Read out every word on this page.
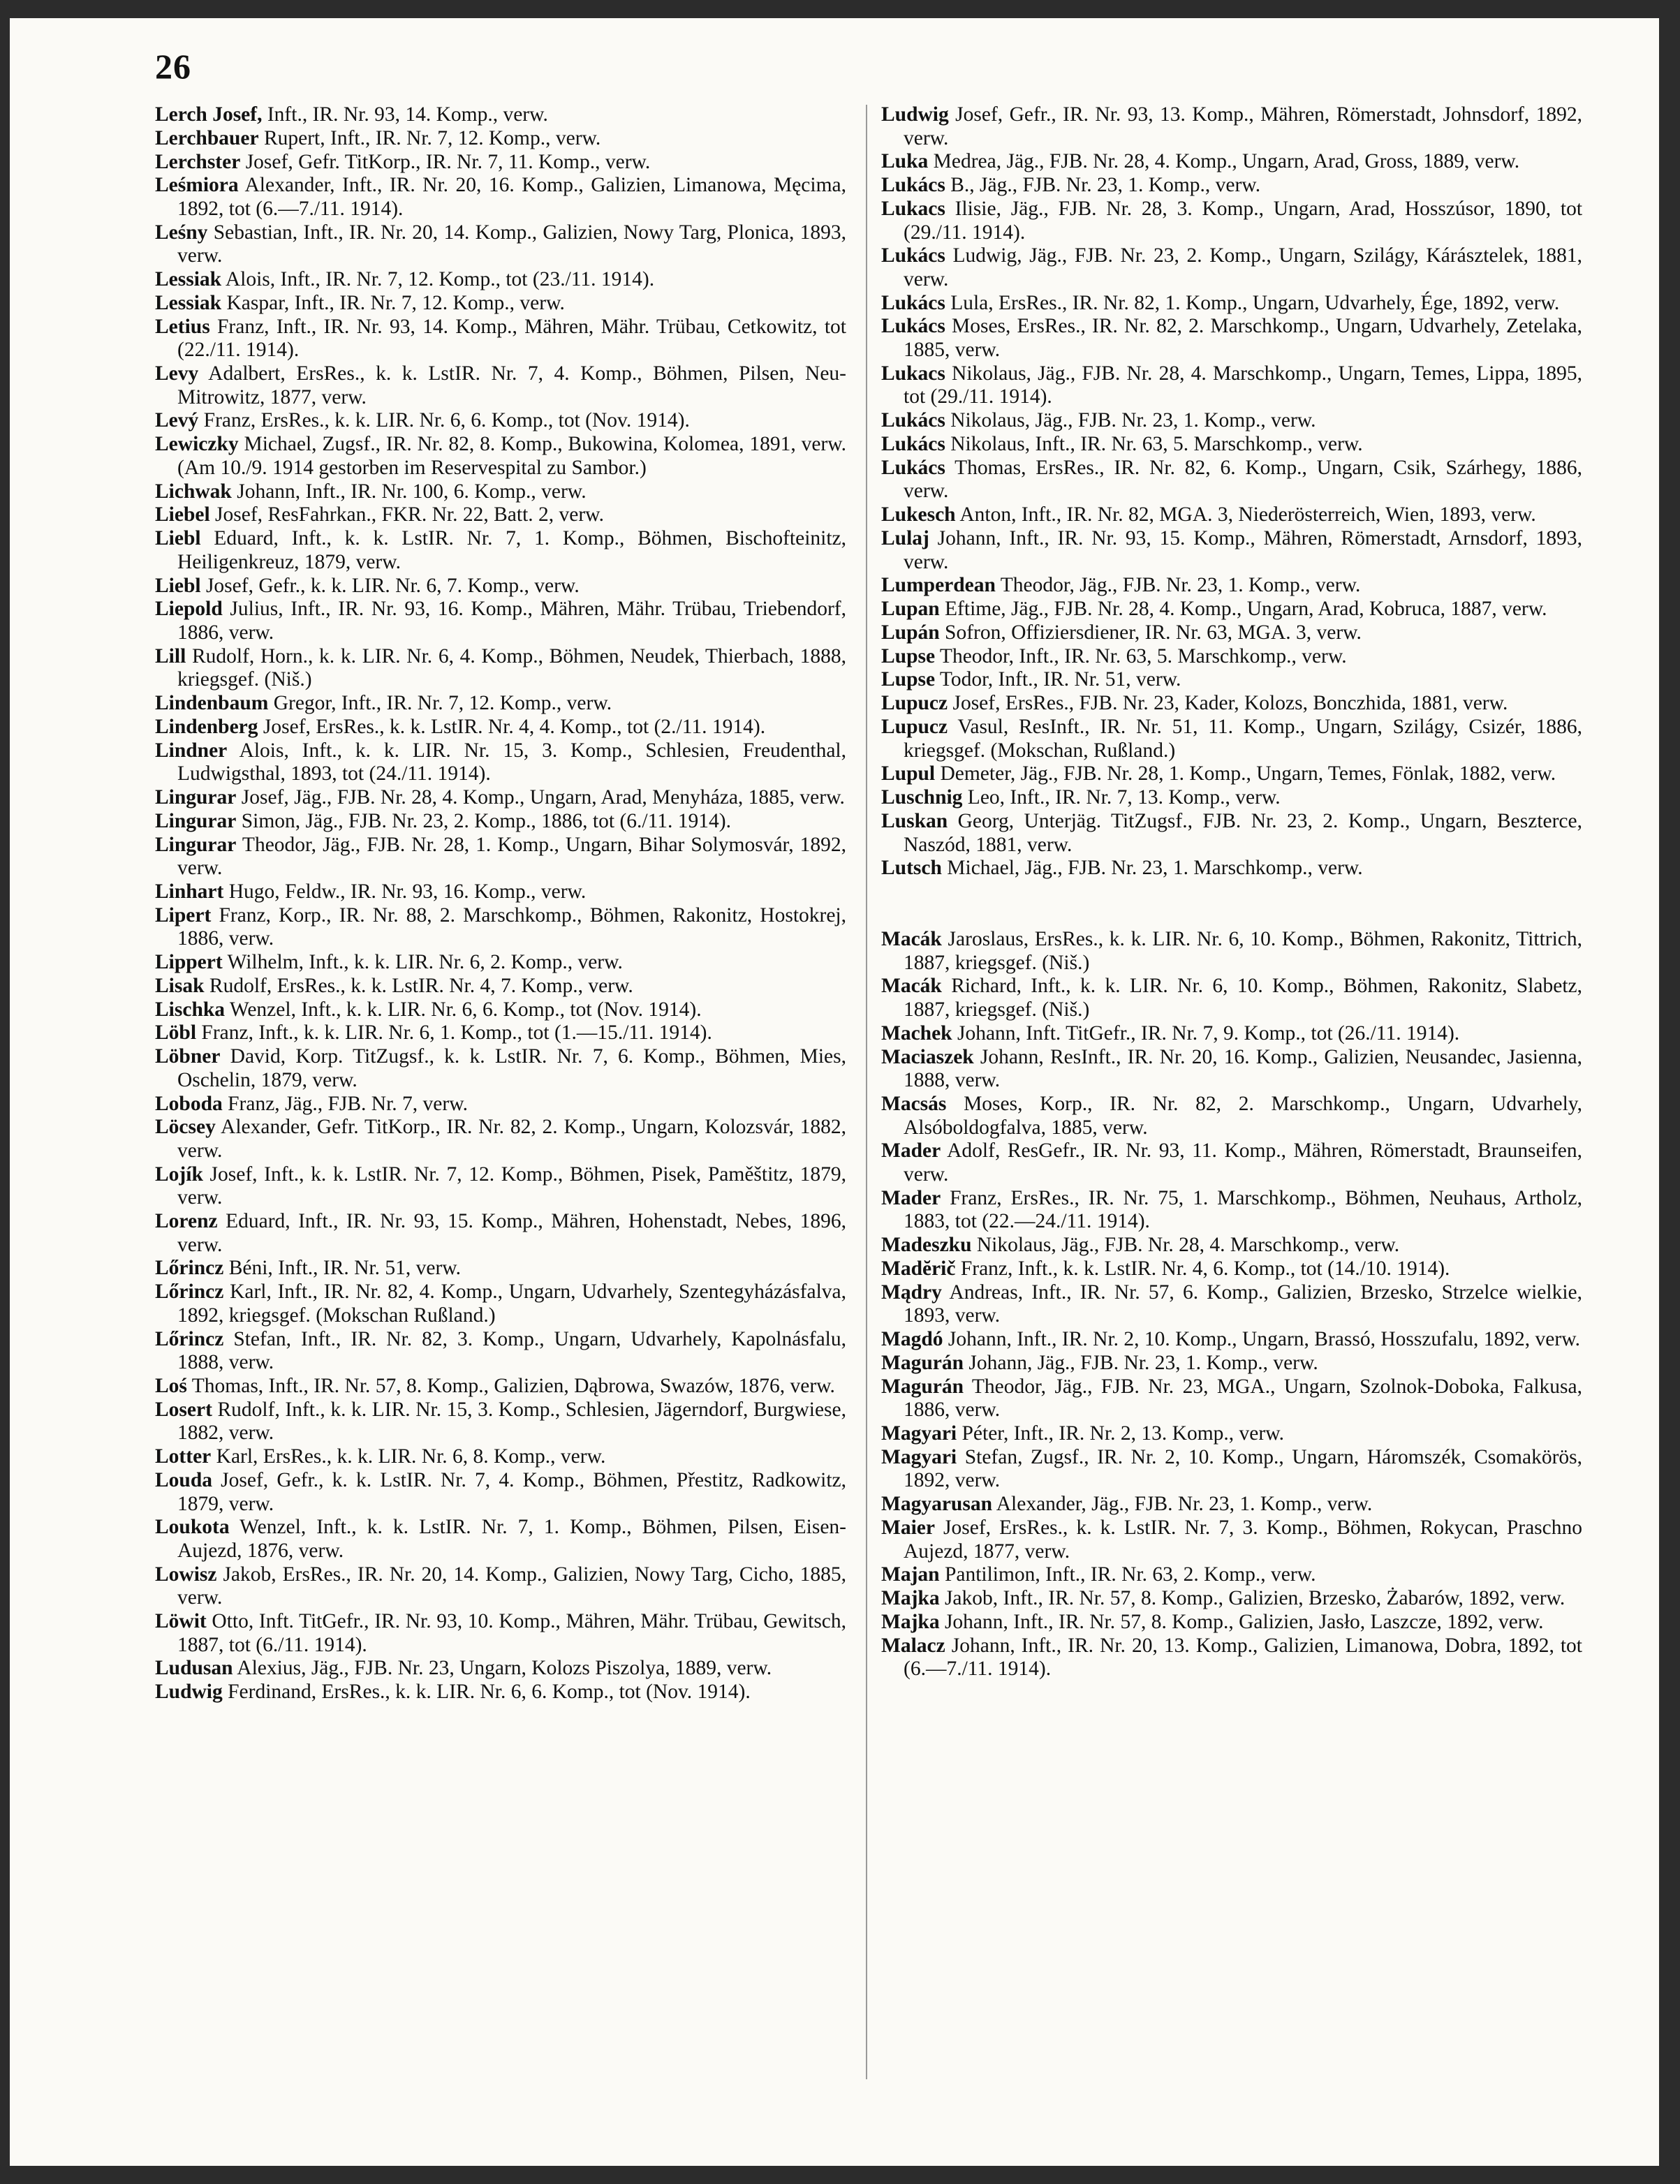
26

Lerch Josef, Inft., IR. Nr. 93, 14. Komp., verw.

Lerchbauer Rupert, Inft., IR. Nr. 7, 12. Komp., verw.

Lerchster Josef, Gefr. TitKorp., IR. Nr. 7, 11. Komp., verw.

Leśmiora Alexander, Inft., IR. Nr. 20, 16. Komp., Galizien, Limanowa, Męcima, 1892, tot (6.—7./11. 1914).

Leśny Sebastian, Inft., IR. Nr. 20, 14. Komp., Galizien, Nowy Targ, Plonica, 1893, verw.

Lessiak Alois, Inft., IR. Nr. 7, 12. Komp., tot (23./11. 1914).

Lessiak Kaspar, Inft., IR. Nr. 7, 12. Komp., verw.

Letius Franz, Inft., IR. Nr. 93, 14. Komp., Mähren, Mähr. Trübau, Cetkowitz, tot (22./11. 1914).

Levy Adalbert, ErsRes., k. k. LstIR. Nr. 7, 4. Komp., Böhmen, Pilsen, Neu-Mitrowitz, 1877, verw.

Levý Franz, ErsRes., k. k. LIR. Nr. 6, 6. Komp., tot (Nov. 1914).

Lewiczky Michael, Zugsf., IR. Nr. 82, 8. Komp., Bukowina, Kolomea, 1891, verw. (Am 10./9. 1914 gestorben im Reservespital zu Sambor.)

Lichwak Johann, Inft., IR. Nr. 100, 6. Komp., verw.

Liebel Josef, ResFahrkan., FKR. Nr. 22, Batt. 2, verw.

Liebl Eduard, Inft., k. k. LstIR. Nr. 7, 1. Komp., Böhmen, Bischofteinitz, Heiligenkreuz, 1879, verw.

Liebl Josef, Gefr., k. k. LIR. Nr. 6, 7. Komp., verw.

Liepold Julius, Inft., IR. Nr. 93, 16. Komp., Mähren, Mähr. Trübau, Triebendorf, 1886, verw.

Lill Rudolf, Horn., k. k. LIR. Nr. 6, 4. Komp., Böhmen, Neudek, Thierbach, 1888, kriegsgef. (Niš.)

Lindenbaum Gregor, Inft., IR. Nr. 7, 12. Komp., verw.

Lindenberg Josef, ErsRes., k. k. LstIR. Nr. 4, 4. Komp., tot (2./11. 1914).

Lindner Alois, Inft., k. k. LIR. Nr. 15, 3. Komp., Schlesien, Freudenthal, Ludwigsthal, 1893, tot (24./11. 1914).

Lingurar Josef, Jäg., FJB. Nr. 28, 4. Komp., Ungarn, Arad, Menyháza, 1885, verw.

Lingurar Simon, Jäg., FJB. Nr. 23, 2. Komp., 1886, tot (6./11. 1914).

Lingurar Theodor, Jäg., FJB. Nr. 28, 1. Komp., Ungarn, Bihar Solymosvár, 1892, verw.

Linhart Hugo, Feldw., IR. Nr. 93, 16. Komp., verw.

Lipert Franz, Korp., IR. Nr. 88, 2. Marschkomp., Böhmen, Rakonitz, Hostokrej, 1886, verw.

Lippert Wilhelm, Inft., k. k. LIR. Nr. 6, 2. Komp., verw.

Lisak Rudolf, ErsRes., k. k. LstIR. Nr. 4, 7. Komp., verw.

Lischka Wenzel, Inft., k. k. LIR. Nr. 6, 6. Komp., tot (Nov. 1914).

Löbl Franz, Inft., k. k. LIR. Nr. 6, 1. Komp., tot (1.—15./11. 1914).

Löbner David, Korp. TitZugsf., k. k. LstIR. Nr. 7, 6. Komp., Böhmen, Mies, Oschelin, 1879, verw.

Loboda Franz, Jäg., FJB. Nr. 7, verw.

Löcsey Alexander, Gefr. TitKorp., IR. Nr. 82, 2. Komp., Ungarn, Kolozsvár, 1882, verw.

Lojík Josef, Inft., k. k. LstIR. Nr. 7, 12. Komp., Böhmen, Pisek, Paměštitz, 1879, verw.

Lorenz Eduard, Inft., IR. Nr. 93, 15. Komp., Mähren, Hohenstadt, Nebes, 1896, verw.

Lőrincz Béni, Inft., IR. Nr. 51, verw.

Lőrincz Karl, Inft., IR. Nr. 82, 4. Komp., Ungarn, Udvarhely, Szentegyházásfalva, 1892, kriegsgef. (Mokschan Rußland.)

Lőrincz Stefan, Inft., IR. Nr. 82, 3. Komp., Ungarn, Udvarhely, Kapolnásfalu, 1888, verw.

Loś Thomas, Inft., IR. Nr. 57, 8. Komp., Galizien, Dąbrowa, Swazów, 1876, verw.

Losert Rudolf, Inft., k. k. LIR. Nr. 15, 3. Komp., Schlesien, Jägerndorf, Burgwiese, 1882, verw.

Lotter Karl, ErsRes., k. k. LIR. Nr. 6, 8. Komp., verw.

Louda Josef, Gefr., k. k. LstIR. Nr. 7, 4. Komp., Böhmen, Přestitz, Radkowitz, 1879, verw.

Loukota Wenzel, Inft., k. k. LstIR. Nr. 7, 1. Komp., Böhmen, Pilsen, Eisen-Aujezd, 1876, verw.

Lowisz Jakob, ErsRes., IR. Nr. 20, 14. Komp., Galizien, Nowy Targ, Cicho, 1885, verw.

Löwit Otto, Inft. TitGefr., IR. Nr. 93, 10. Komp., Mähren, Mähr. Trübau, Gewitsch, 1887, tot (6./11. 1914).

Ludusan Alexius, Jäg., FJB. Nr. 23, Ungarn, Kolozs Piszolya, 1889, verw.

Ludwig Ferdinand, ErsRes., k. k. LIR. Nr. 6, 6. Komp., tot (Nov. 1914).

Ludwig Josef, Gefr., IR. Nr. 93, 13. Komp., Mähren, Römerstadt, Johnsdorf, 1892, verw.

Luka Medrea, Jäg., FJB. Nr. 28, 4. Komp., Ungarn, Arad, Gross, 1889, verw.

Lukács B., Jäg., FJB. Nr. 23, 1. Komp., verw.

Lukacs Ilisie, Jäg., FJB. Nr. 28, 3. Komp., Ungarn, Arad, Hosszúsor, 1890, tot (29./11. 1914).

Lukács Ludwig, Jäg., FJB. Nr. 23, 2. Komp., Ungarn, Szilágy, Kárásztelek, 1881, verw.

Lukács Lula, ErsRes., IR. Nr. 82, 1. Komp., Ungarn, Udvarhely, Ége, 1892, verw.

Lukács Moses, ErsRes., IR. Nr. 82, 2. Marschkomp., Ungarn, Udvarhely, Zetelaka, 1885, verw.

Lukacs Nikolaus, Jäg., FJB. Nr. 28, 4. Marschkomp., Ungarn, Temes, Lippa, 1895, tot (29./11. 1914).

Lukács Nikolaus, Jäg., FJB. Nr. 23, 1. Komp., verw.

Lukács Nikolaus, Inft., IR. Nr. 63, 5. Marschkomp., verw.

Lukács Thomas, ErsRes., IR. Nr. 82, 6. Komp., Ungarn, Csik, Szárhegy, 1886, verw.

Lukesch Anton, Inft., IR. Nr. 82, MGA. 3, Niederösterreich, Wien, 1893, verw.

Lulaj Johann, Inft., IR. Nr. 93, 15. Komp., Mähren, Römerstadt, Arnsdorf, 1893, verw.

Lumperdean Theodor, Jäg., FJB. Nr. 23, 1. Komp., verw.

Lupan Eftime, Jäg., FJB. Nr. 28, 4. Komp., Ungarn, Arad, Kobruca, 1887, verw.

Lupán Sofron, Offiziersdiener, IR. Nr. 63, MGA. 3, verw.

Lupse Theodor, Inft., IR. Nr. 63, 5. Marschkomp., verw.

Lupse Todor, Inft., IR. Nr. 51, verw.

Lupucz Josef, ErsRes., FJB. Nr. 23, Kader, Kolozs, Bonczhida, 1881, verw.

Lupucz Vasul, ResInft., IR. Nr. 51, 11. Komp., Ungarn, Szilágy, Csizér, 1886, kriegsgef. (Mokschan, Rußland.)

Lupul Demeter, Jäg., FJB. Nr. 28, 1. Komp., Ungarn, Temes, Fönlak, 1882, verw.

Luschnig Leo, Inft., IR. Nr. 7, 13. Komp., verw.

Luskan Georg, Unterjäg. TitZugsf., FJB. Nr. 23, 2. Komp., Ungarn, Beszterce, Naszód, 1881, verw.

Lutsch Michael, Jäg., FJB. Nr. 23, 1. Marschkomp., verw.

Macák Jaroslaus, ErsRes., k. k. LIR. Nr. 6, 10. Komp., Böhmen, Rakonitz, Tittrich, 1887, kriegsgef. (Niš.)

Macák Richard, Inft., k. k. LIR. Nr. 6, 10. Komp., Böhmen, Rakonitz, Slabetz, 1887, kriegsgef. (Niš.)

Machek Johann, Inft. TitGefr., IR. Nr. 7, 9. Komp., tot (26./11. 1914).

Maciaszek Johann, ResInft., IR. Nr. 20, 16. Komp., Galizien, Neusandec, Jasienna, 1888, verw.

Macsás Moses, Korp., IR. Nr. 82, 2. Marschkomp., Ungarn, Udvarhely, Alsóboldogfalva, 1885, verw.

Mader Adolf, ResGefr., IR. Nr. 93, 11. Komp., Mähren, Römerstadt, Braunseifen, verw.

Mader Franz, ErsRes., IR. Nr. 75, 1. Marschkomp., Böhmen, Neuhaus, Artholz, 1883, tot (22.—24./11. 1914).

Madeszku Nikolaus, Jäg., FJB. Nr. 28, 4. Marschkomp., verw.

Madĕrič Franz, Inft., k. k. LstIR. Nr. 4, 6. Komp., tot (14./10. 1914).

Mądry Andreas, Inft., IR. Nr. 57, 6. Komp., Galizien, Brzesko, Strzelce wielkie, 1893, verw.

Magdó Johann, Inft., IR. Nr. 2, 10. Komp., Ungarn, Brassó, Hosszufalu, 1892, verw.

Magurán Johann, Jäg., FJB. Nr. 23, 1. Komp., verw.

Magurán Theodor, Jäg., FJB. Nr. 23, MGA., Ungarn, Szolnok-Doboka, Falkusa, 1886, verw.

Magyari Péter, Inft., IR. Nr. 2, 13. Komp., verw.

Magyari Stefan, Zugsf., IR. Nr. 2, 10. Komp., Ungarn, Háromszék, Csomakörös, 1892, verw.

Magyarusan Alexander, Jäg., FJB. Nr. 23, 1. Komp., verw.

Maier Josef, ErsRes., k. k. LstIR. Nr. 7, 3. Komp., Böhmen, Rokycan, Praschno Aujezd, 1877, verw.

Majan Pantilimon, Inft., IR. Nr. 63, 2. Komp., verw.

Majka Jakob, Inft., IR. Nr. 57, 8. Komp., Galizien, Brzesko, Żabarów, 1892, verw.

Majka Johann, Inft., IR. Nr. 57, 8. Komp., Galizien, Jasło, Laszcze, 1892, verw.

Malacz Johann, Inft., IR. Nr. 20, 13. Komp., Galizien, Limanowa, Dobra, 1892, tot (6.—7./11. 1914).
